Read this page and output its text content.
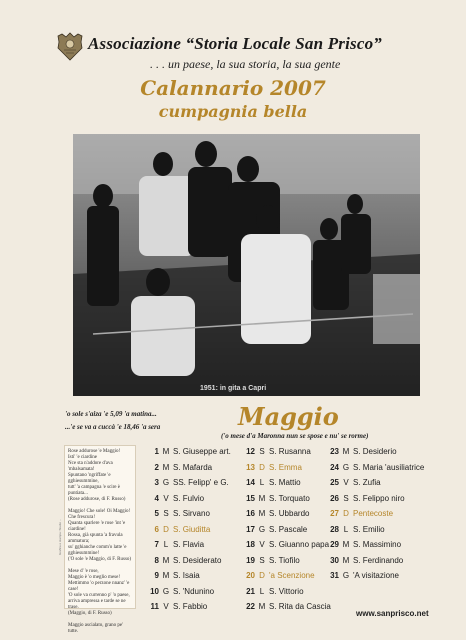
Associazione “Storia Locale San Prisco”
. . . un paese, la sua storia, la sua gente
Calannario 2007
cumpagnia bella
1951: in gita a Capri
'o sole s'aiza 'e 5,09 'a matina...
...'e se va a cuccà 'e 18,46 'a sera	Maggio
('o mese d'a Maronna nun se spose e nu' se rorme)
Rose addurose 'e Maggio!
Isti' 'e ciardine
Nce sta n'addore d'ava 'mbalsamata!
Spuntano 'ngriffate 'e gghiesummine,
tutt' 'a campagna 'e scire è puntiata...
(Rose addurose, di F. Russo)

Maggio! Che sole! Oi Maggio!
Che frescura!
Quanta sparlere 'e rose 'int 'e ciardine!
Rossa, già spunta 'a fravula ammatura;
su' gghianche comm'o latte 'e gghiesummine!
('O sole 'e Maggio, di F. Russo)

Mese d' 'e rose,
Maggio è 'o meglio mese!
Mettimmo 'o perzone nnanz' 'e case!
'O sole va currenno p' 'o paese,
arriva ampressa e tarde se ne trase.
(Maggio, di F. Russo)

Maggio ascialato, grano pe' tutte.
Grafica e stampa: Studio ...
1 M S. Giuseppe art.
2 M S. Mafarda
3 G SS. Felipp' e G.
4 V S. Fulvio
5 S S. Sirvano
6 D S. Giuditta
7 L S. Flavia
8 M S. Desiderato
9 M S. Isaia
10 G S. 'Ndunino
11 V S. Fabbio
12 S S. Rusanna
13 D S. Emma
14 L S. Mattio
15 M S. Torquato
16 M S. Ubbardo
17 G S. Pascale
18 V S. Giuanno papa
19 S S. Tiofilo
20 D 'a Scenzione
21 L S. Vittorio
22 M S. Rita da Cascia
23 M S. Desiderio
24 G S. Maria 'ausiliatrice
25 V S. Zufia
26 S S. Felippo niro
27 D Pentecoste
28 L S. Emilio
29 M S. Massimino
30 M S. Ferdinando
31 G 'A visitazione
www.sanprisco.net
